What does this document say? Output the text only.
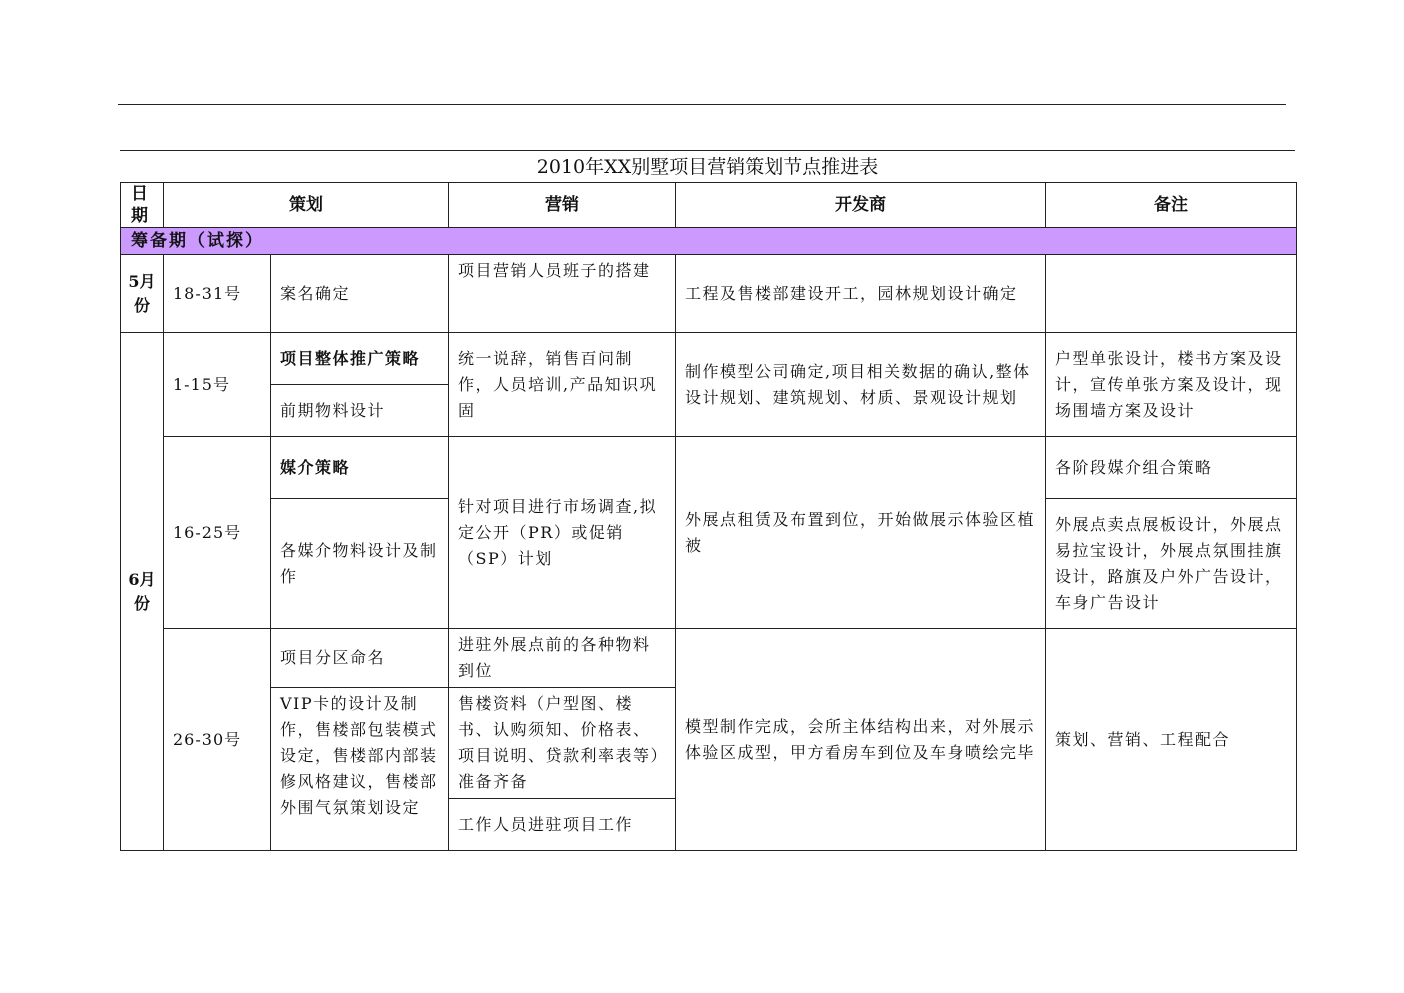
2010年XX别墅项目营销策划节点推进表
日期	策划		营销	开发商	备注
筹备期（试探）					
5月份	18-31号	案名确定	项目营销人员班子的搭建	工程及售楼部建设开工，园林规划设计确定	
6月份	1-15号	项目整体推广策略	统一说辞，销售百问制作，人员培训,产品知识巩固	制作模型公司确定,项目相关数据的确认,整体设计规划、建筑规划、材质、景观设计规划	户型单张设计，楼书方案及设计，宣传单张方案及设计，现场围墙方案及设计
		前期物料设计			
	16-25号	媒介策略	针对项目进行市场调查,拟定公开（PR）或促销（SP）计划	外展点租赁及布置到位，开始做展示体验区植被	各阶段媒介组合策略
		各媒介物料设计及制作			外展点卖点展板设计，外展点易拉宝设计，外展点氛围挂旗设计，路旗及户外广告设计，车身广告设计
	26-30号	项目分区命名	进驻外展点前的各种物料到位	模型制作完成，会所主体结构出来，对外展示体验区成型，甲方看房车到位及车身喷绘完毕	策划、营销、工程配合
		VIP卡的设计及制作，售楼部包装模式设定，售楼部内部装修风格建议，售楼部外围气氛策划设定	售楼资料（户型图、楼书、认购须知、价格表、项目说明、贷款利率表等）准备齐备		
			工作人员进驻项目工作		
